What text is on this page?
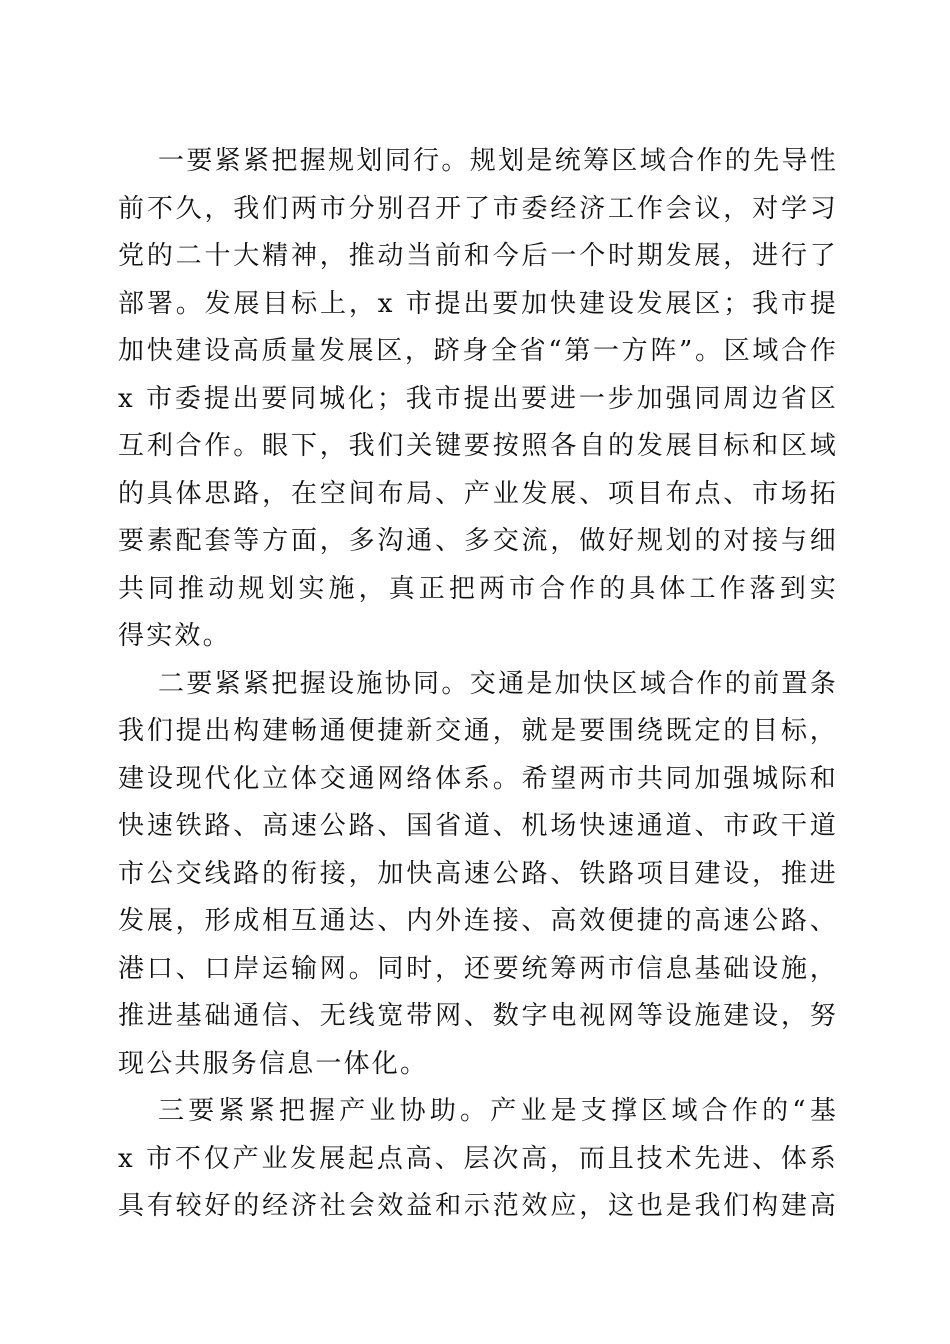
一要紧紧把握规划同行。规划是统筹区域合作的先导性
前不久，我们两市分别召开了市委经济工作会议，对学习
党的二十大精神，推动当前和今后一个时期发展，进行了
部署。发展目标上，x 市提出要加快建设发展区；我市提
加快建设高质量发展区，跻身全省“第一方阵”。区域合作
x 市委提出要同城化；我市提出要进一步加强同周边省区
互利合作。眼下，我们关键要按照各自的发展目标和区域
的具体思路，在空间布局、产业发展、项目布点、市场拓
要素配套等方面，多沟通、多交流，做好规划的对接与细
共同推动规划实施，真正把两市合作的具体工作落到实
得实效。
二要紧紧把握设施协同。交通是加快区域合作的前置条
我们提出构建畅通便捷新交通，就是要围绕既定的目标，
建设现代化立体交通网络体系。希望两市共同加强城际和
快速铁路、高速公路、国省道、机场快速通道、市政干道
市公交线路的衔接，加快高速公路、铁路项目建设，推进
发展，形成相互通达、内外连接、高效便捷的高速公路、
港口、口岸运输网。同时，还要统筹两市信息基础设施，
推进基础通信、无线宽带网、数字电视网等设施建设，努
现公共服务信息一体化。
三要紧紧把握产业协助。产业是支撑区域合作的“基
x 市不仅产业发展起点高、层次高，而且技术先进、体系
具有较好的经济社会效益和示范效应，这也是我们构建高
